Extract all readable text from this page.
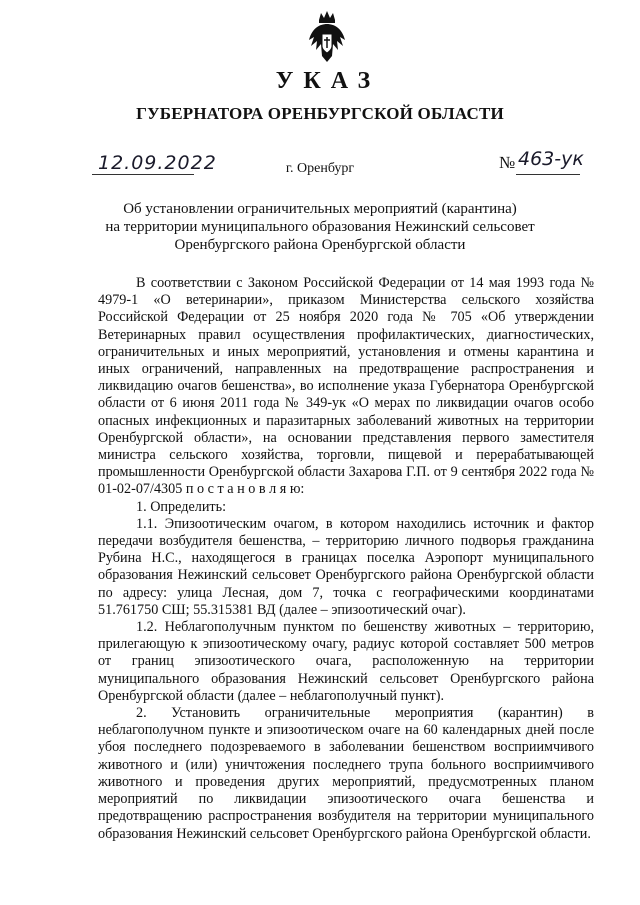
УКАЗ
ГУБЕРНАТОРА ОРЕНБУРГСКОЙ ОБЛАСТИ
12.09.2022	г. Оренбург	№ 463-ук
Об установлении ограничительных мероприятий (карантина)
на территории муниципального образования Нежинский сельсовет
Оренбургского района Оренбургской области

В соответствии с Законом Российской Федерации от 14 мая 1993 года № 4979-1 «О ветеринарии», приказом Министерства сельского хозяйства Российской Федерации от 25 ноября 2020 года № 705 «Об утверждении Ветеринарных правил осуществления профилактических, диагностических, ограничительных и иных мероприятий, установления и отмены карантина и иных ограничений, направленных на предотвращение распространения и ликвидацию очагов бешенства», во исполнение указа Губернатора Оренбургской области от 6 июня 2011 года № 349-ук «О мерах по ликвидации очагов особо опасных инфекционных и паразитарных заболеваний животных на территории Оренбургской области», на основании представления первого заместителя министра сельского хозяйства, торговли, пищевой и перерабатывающей промышленности Оренбургской области Захарова Г.П. от 9 сентября 2022 года № 01-02-07/4305 п о с т а н о в л я ю:

1. Определить:

1.1. Эпизоотическим очагом, в котором находились источник и фактор передачи возбудителя бешенства, – территорию личного подворья гражданина Рубина Н.С., находящегося в границах поселка Аэропорт муниципального образования Нежинский сельсовет Оренбургского района Оренбургской области по адресу: улица Лесная, дом 7, точка с географическими координатами 51.761750 СШ; 55.315381 ВД (далее – эпизоотический очаг).

1.2. Неблагополучным пунктом по бешенству животных – территорию, прилегающую к эпизоотическому очагу, радиус которой составляет 500 метров от границ эпизоотического очага, расположенную на территории муниципального образования Нежинский сельсовет Оренбургского района Оренбургской области (далее – неблагополучный пункт).

2. Установить ограничительные мероприятия (карантин) в неблагополучном пункте и эпизоотическом очаге на 60 календарных дней после убоя последнего подозреваемого в заболевании бешенством восприимчивого животного и (или) уничтожения последнего трупа больного восприимчивого животного и проведения других мероприятий, предусмотренных планом мероприятий по ликвидации эпизоотического очага бешенства и предотвращению распространения возбудителя на территории муниципального образования Нежинский сельсовет Оренбургского района Оренбургской области.
